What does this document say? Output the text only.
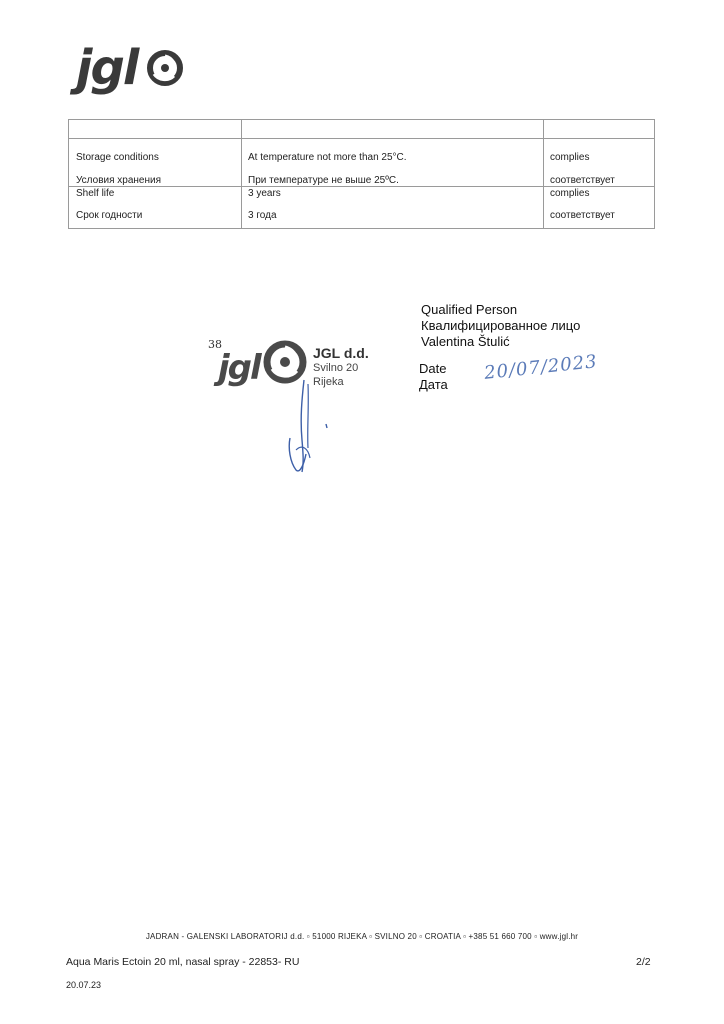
jgl
Storage conditions
Условия хранения
At temperature not more than 25°C.
При температуре не выше 25ºC.
complies
соответствует
Shelf life
Срок годности
3 years
3 года
complies
соответствует
Qualified Person
Квалифицированное лицо
Valentina Štulić
Date
Дата
20/07/2023
38
jgl	JGL d.d.
Svilno 20
Rijeka
JADRAN - GALENSKI LABORATORIJ d.d. ▫ 51000 RIJEKA ▫ SVILNO 20 ▫ CROATIA ▫ +385 51 660 700 ▫ www.jgl.hr
Aqua Maris Ectoin 20 ml, nasal spray - 22853- RU	2/2
20.07.23
